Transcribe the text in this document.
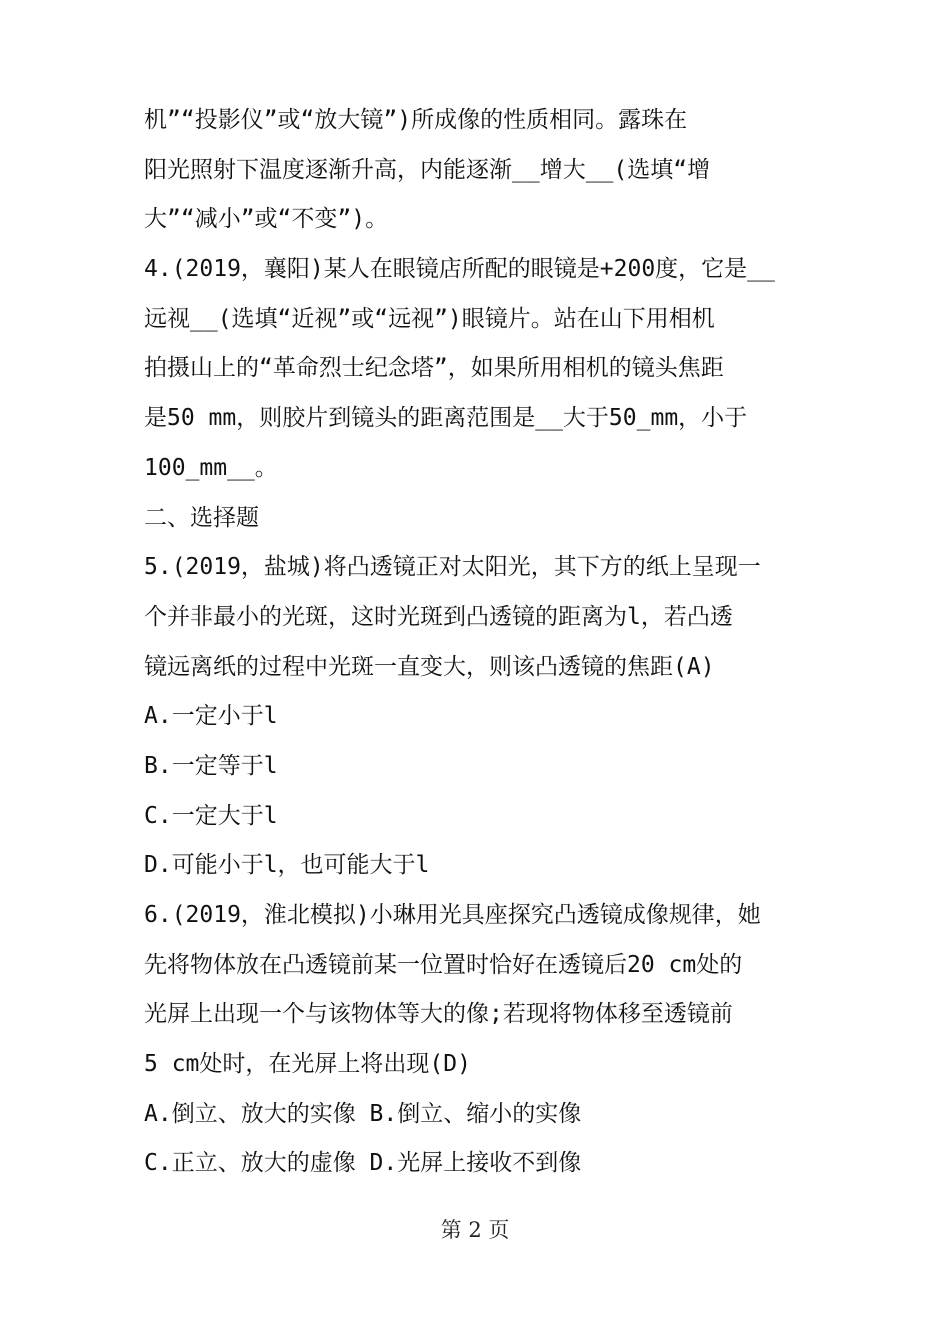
机”“投影仪”或“放大镜”)所成像的性质相同。露珠在
阳光照射下温度逐渐升高，内能逐渐__增大__(选填“增
大”“减小”或“不变”)。
4.(2019，襄阳)某人在眼镜店所配的眼镜是+200度，它是__
远视__(选填“近视”或“远视”)眼镜片。站在山下用相机
拍摄山上的“革命烈士纪念塔”，如果所用相机的镜头焦距
是50 mm，则胶片到镜头的距离范围是__大于50_mm，小于
100_mm__。
二、选择题
5.(2019，盐城)将凸透镜正对太阳光，其下方的纸上呈现一
个并非最小的光斑，这时光斑到凸透镜的距离为l，若凸透
镜远离纸的过程中光斑一直变大，则该凸透镜的焦距(A)
A.一定小于l
B.一定等于l
C.一定大于l
D.可能小于l，也可能大于l
6.(2019，淮北模拟)小琳用光具座探究凸透镜成像规律，她
先将物体放在凸透镜前某一位置时恰好在透镜后20 cm处的
光屏上出现一个与该物体等大的像;若现将物体移至透镜前
5 cm处时，在光屏上将出现(D)
A.倒立、放大的实像 B.倒立、缩小的实像
C.正立、放大的虚像 D.光屏上接收不到像
第 2 页
